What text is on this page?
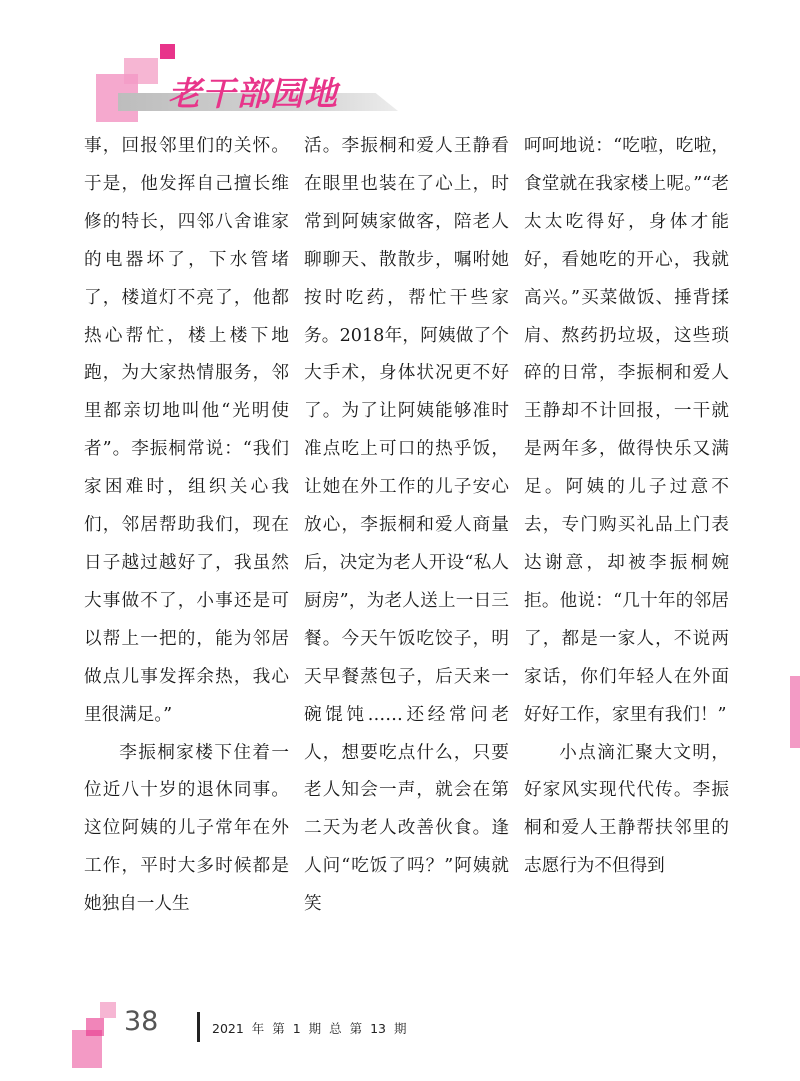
老干部园地

事，回报邻里们的关怀。于是，他发挥自己擅长维修的特长，四邻八舍谁家的电器坏了，下水管堵了，楼道灯不亮了，他都热心帮忙，楼上楼下地跑，为大家热情服务，邻里都亲切地叫他“光明使者”。李振桐常说：“我们家困难时，组织关心我们，邻居帮助我们，现在日子越过越好了，我虽然大事做不了，小事还是可以帮上一把的，能为邻居做点儿事发挥余热，我心里很满足。”

李振桐家楼下住着一位近八十岁的退休同事。这位阿姨的儿子常年在外工作，平时大多时候都是她独自一人生

活。李振桐和爱人王静看在眼里也装在了心上，时常到阿姨家做客，陪老人聊聊天、散散步，嘱咐她按时吃药，帮忙干些家务。2018年，阿姨做了个大手术，身体状况更不好了。为了让阿姨能够准时准点吃上可口的热乎饭，让她在外工作的儿子安心放心，李振桐和爱人商量后，决定为老人开设“私人厨房”，为老人送上一日三餐。今天午饭吃饺子，明天早餐蒸包子，后天来一碗馄饨……还经常问老人，想要吃点什么，只要老人知会一声，就会在第二天为老人改善伙食。逢人问“吃饭了吗？”阿姨就笑

呵呵地说：“吃啦，吃啦，食堂就在我家楼上呢。”“老太太吃得好，身体才能好，看她吃的开心，我就高兴。”买菜做饭、捶背揉肩、熬药扔垃圾，这些琐碎的日常，李振桐和爱人王静却不计回报，一干就是两年多，做得快乐又满足。阿姨的儿子过意不去，专门购买礼品上门表达谢意，却被李振桐婉拒。他说：“几十年的邻居了，都是一家人，不说两家话，你们年轻人在外面好好工作，家里有我们！”

小点滴汇聚大文明，好家风实现代代传。李振桐和爱人王静帮扶邻里的志愿行为不但得到

38	2021 年 第 1 期 总 第 13 期
